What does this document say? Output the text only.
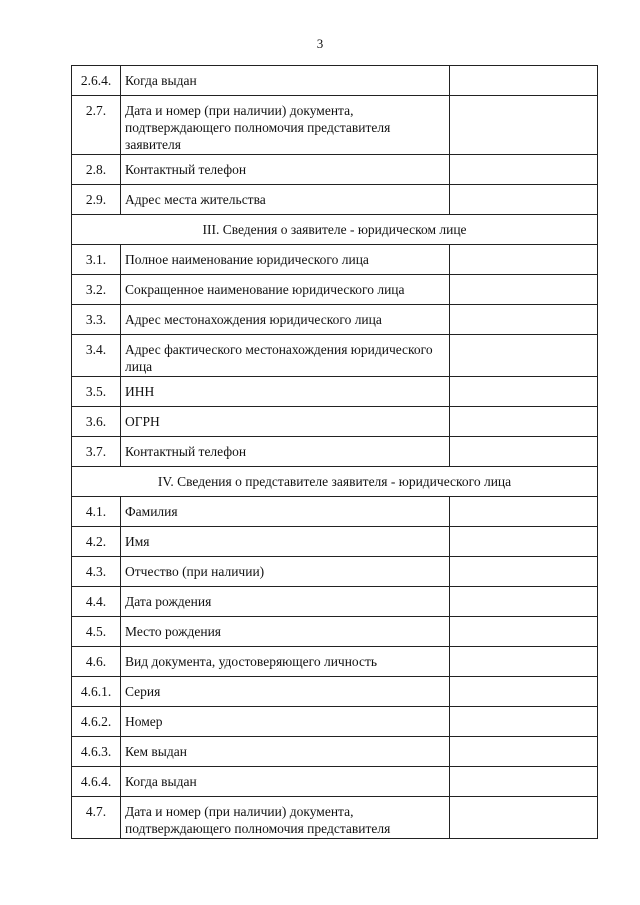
3
2.6.4.	Когда выдан	
2.7.	Дата и номер (при наличии) документа, подтверждающего полномочия представителя заявителя	
2.8.	Контактный телефон	
2.9.	Адрес места жительства	
III. Сведения о заявителе - юридическом лице		
3.1.	Полное наименование юридического лица	
3.2.	Сокращенное наименование юридического лица	
3.3.	Адрес местонахождения юридического лица	
3.4.	Адрес фактического местонахождения юридического лица	
3.5.	ИНН	
3.6.	ОГРН	
3.7.	Контактный телефон	
IV. Сведения о представителе заявителя - юридического лица		
4.1.	Фамилия	
4.2.	Имя	
4.3.	Отчество (при наличии)	
4.4.	Дата рождения	
4.5.	Место рождения	
4.6.	Вид документа, удостоверяющего личность	
4.6.1.	Серия	
4.6.2.	Номер	
4.6.3.	Кем выдан	
4.6.4.	Когда выдан	
4.7.	Дата и номер (при наличии) документа, подтверждающего полномочия представителя	
